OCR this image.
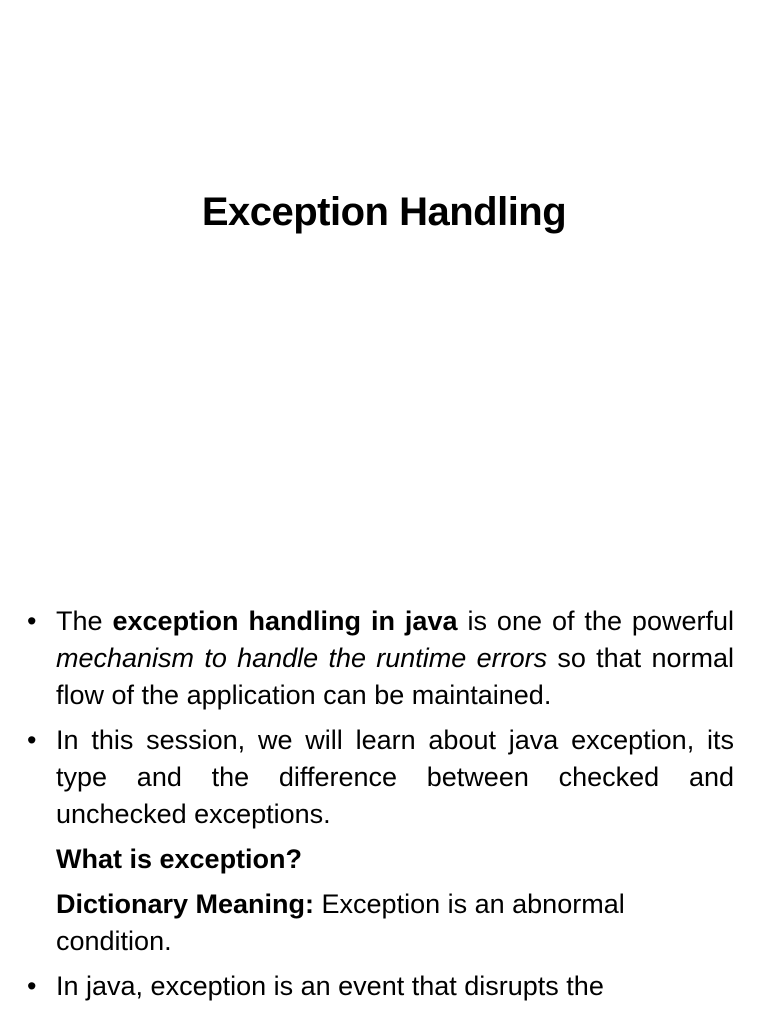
Exception Handling
• The exception handling in java is one of the powerful mechanism to handle the runtime errors so that normal flow of the application can be maintained.
• In this session, we will learn about java exception, its type and the difference between checked and unchecked exceptions.
What is exception?
Dictionary Meaning: Exception is an abnormal condition.
• In java, exception is an event that disrupts the
